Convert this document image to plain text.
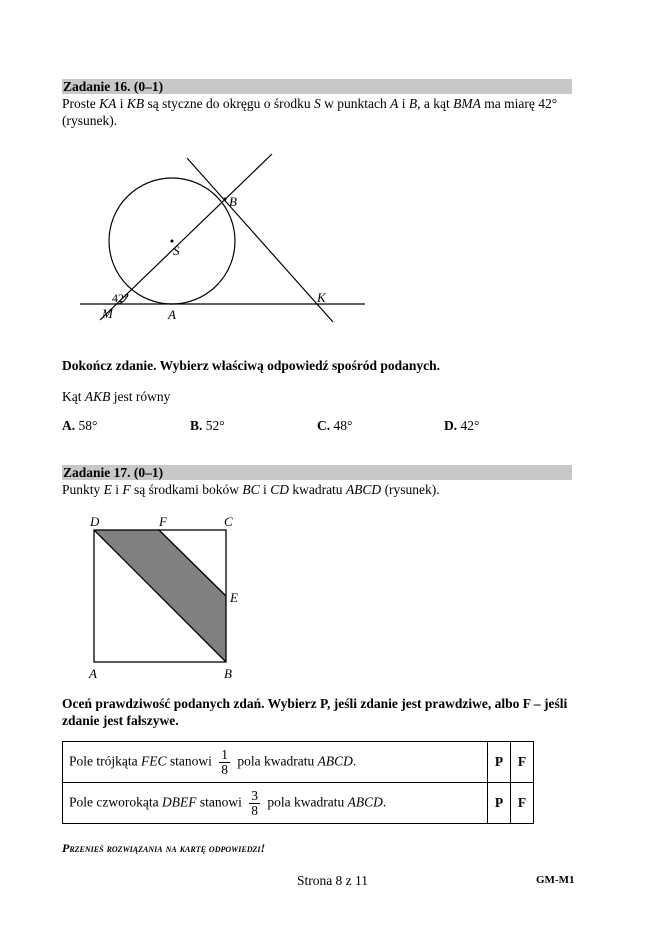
Zadanie 16. (0–1)
Proste KA i KB są styczne do okręgu o środku S w punktach A i B, a kąt BMA ma miarę 42°
(rysunek).
B
S
K
M	A
42°
Dokończ zdanie. Wybierz właściwą odpowiedź spośród podanych.
Kąt AKB jest równy
A. 58°	B. 52°	C. 48°	D. 42°
Zadanie 17. (0–1)
Punkty E i F są środkami boków BC i CD kwadratu ABCD (rysunek).
D	F	C
E
A	B
Oceń prawdziwość podanych zdań. Wybierz P, jeśli zdanie jest prawdziwe, albo F – jeśli
zdanie jest fałszywe.
Pole trójkąta FEC stanowi $\frac{1}{8}$ pola kwadratu ABCD.	P	F
Pole czworokąta DBEF stanowi $\frac{3}{8}$ pola kwadratu ABCD.	P	F
Przenieś rozwiązania na kartę odpowiedzi!
Strona 8 z 11	GM-M1
